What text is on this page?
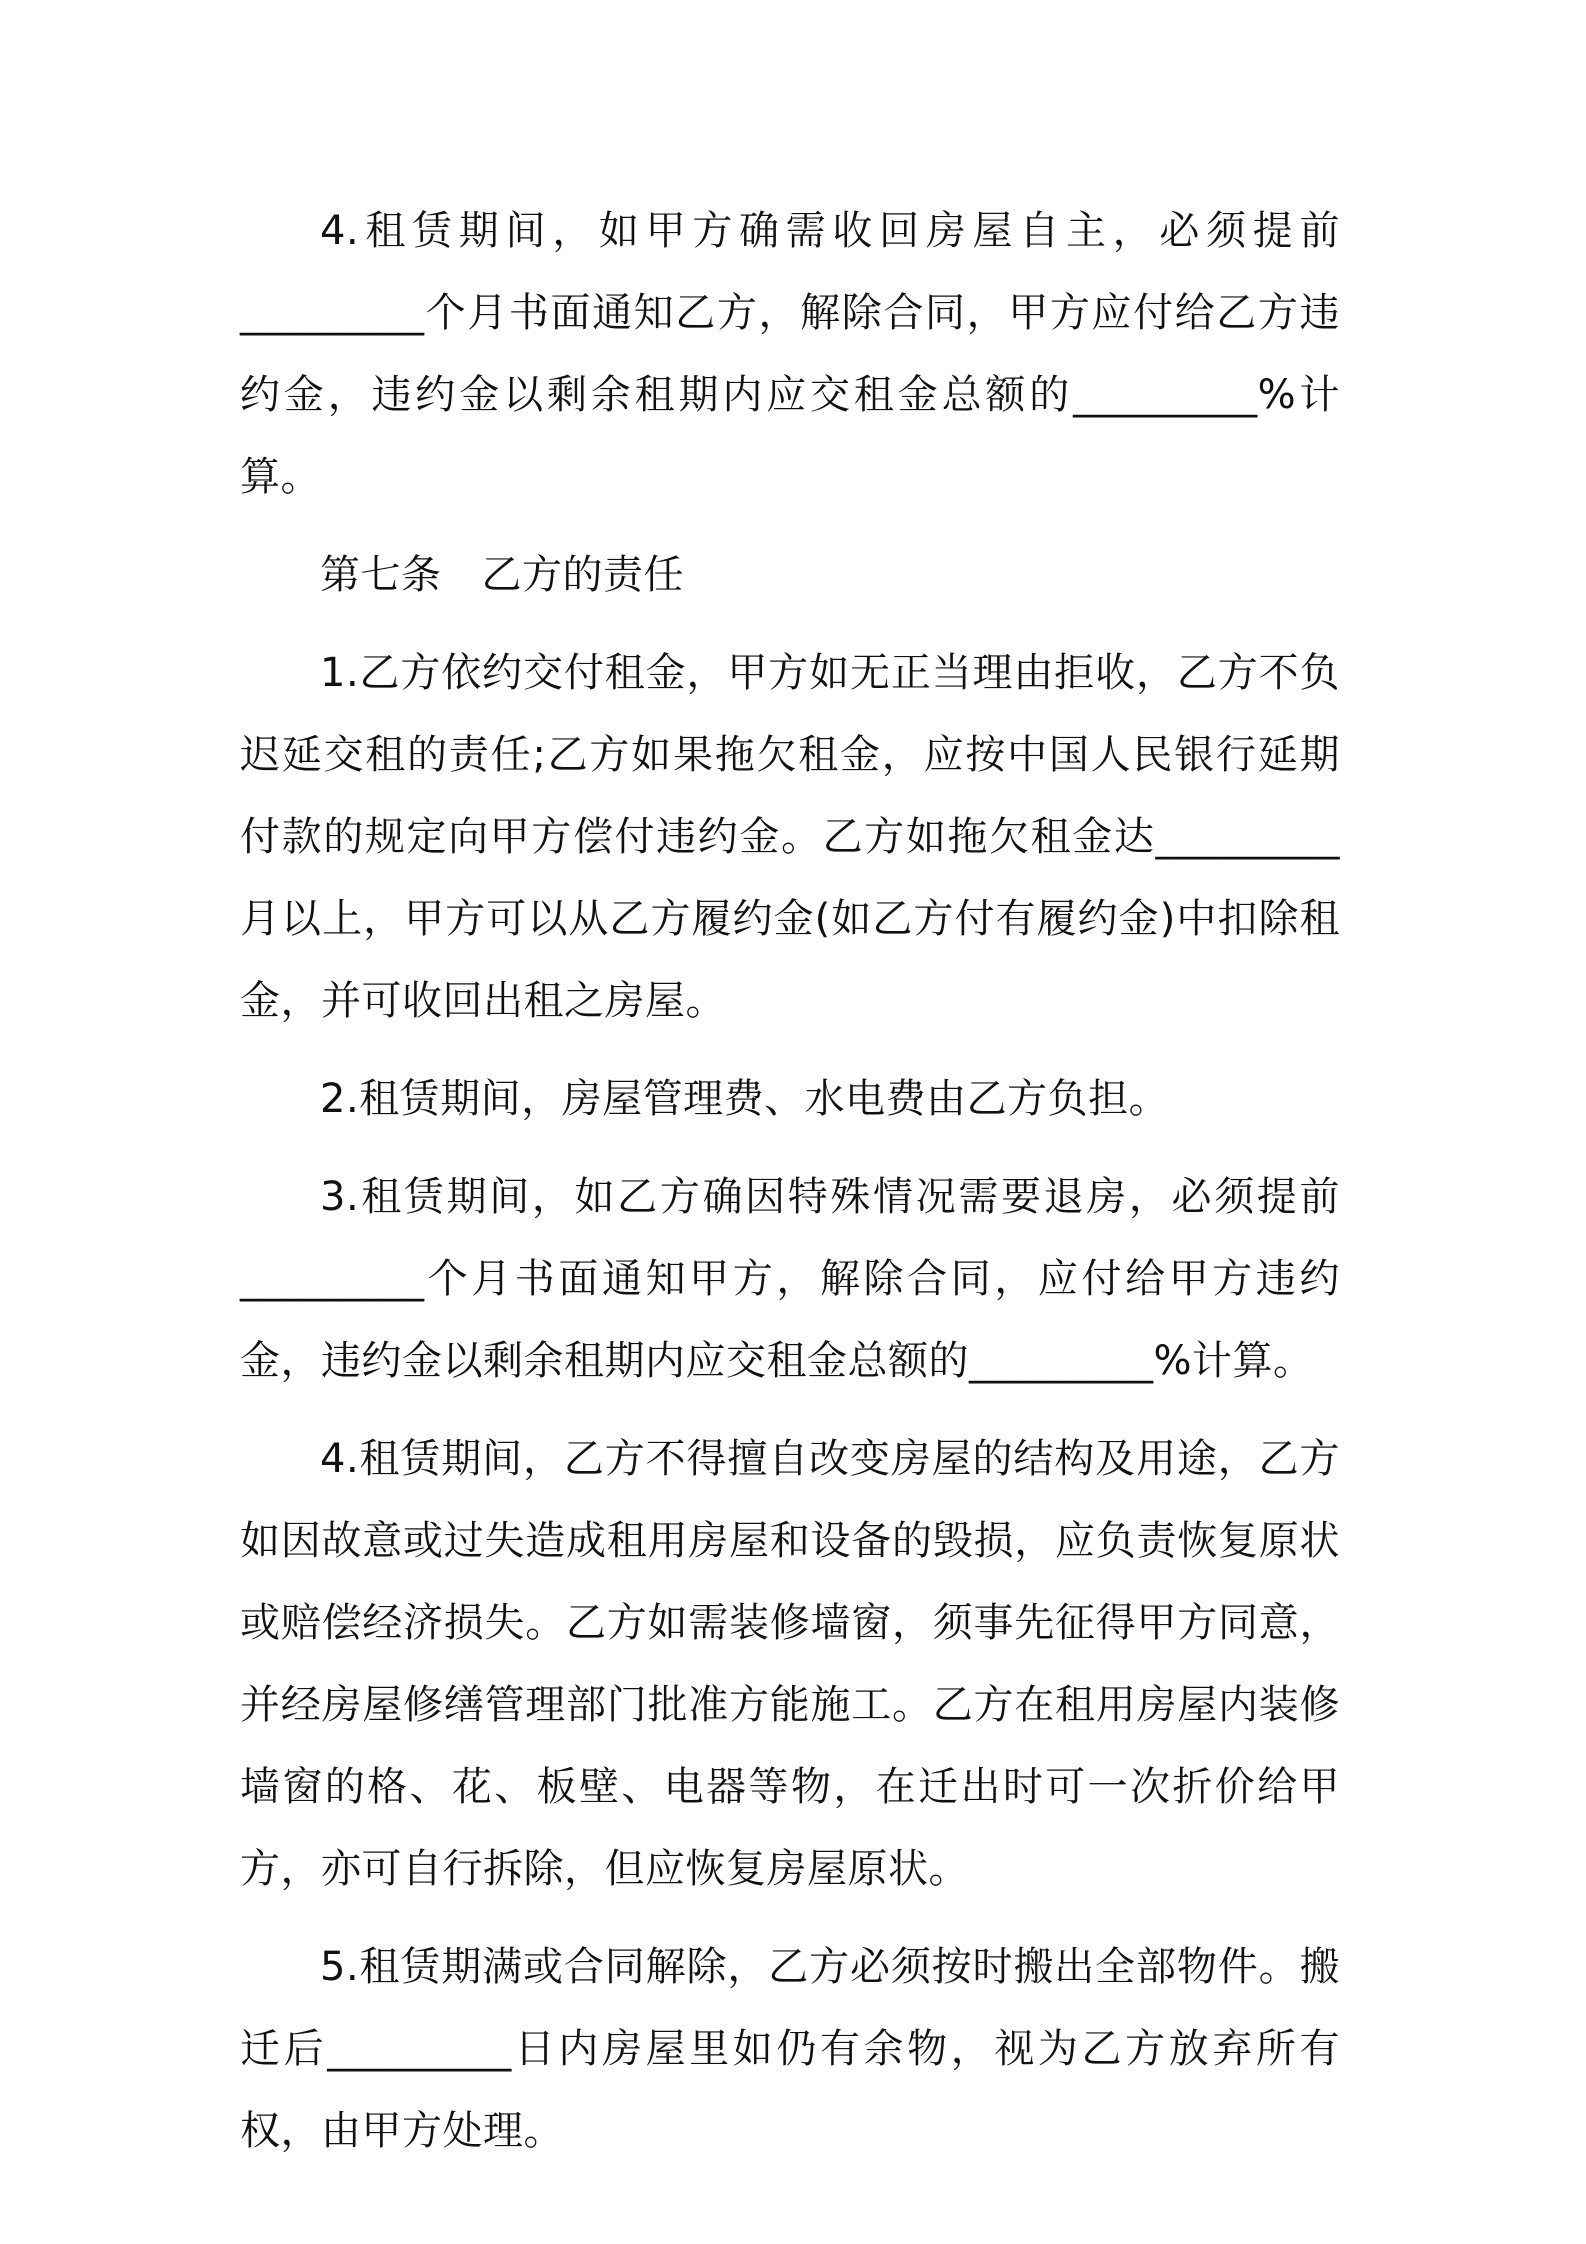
4.租赁期间，如甲方确需收回房屋自主，必须提前_________个月书面通知乙方，解除合同，甲方应付给乙方违约金，违约金以剩余租期内应交租金总额的_________%计算。

第七条 乙方的责任

1.乙方依约交付租金，甲方如无正当理由拒收，乙方不负迟延交租的责任;乙方如果拖欠租金，应按中国人民银行延期付款的规定向甲方偿付违约金。乙方如拖欠租金达_________月以上，甲方可以从乙方履约金(如乙方付有履约金)中扣除租金，并可收回出租之房屋。

2.租赁期间，房屋管理费、水电费由乙方负担。

3.租赁期间，如乙方确因特殊情况需要退房，必须提前_________个月书面通知甲方，解除合同，应付给甲方违约金，违约金以剩余租期内应交租金总额的_________%计算。

4.租赁期间，乙方不得擅自改变房屋的结构及用途，乙方如因故意或过失造成租用房屋和设备的毁损，应负责恢复原状或赔偿经济损失。乙方如需装修墙窗，须事先征得甲方同意，并经房屋修缮管理部门批准方能施工。乙方在租用房屋内装修墙窗的格、花、板壁、电器等物，在迁出时可一次折价给甲方，亦可自行拆除，但应恢复房屋原状。

5.租赁期满或合同解除，乙方必须按时搬出全部物件。搬迁后_________日内房屋里如仍有余物，视为乙方放弃所有权，由甲方处理。
